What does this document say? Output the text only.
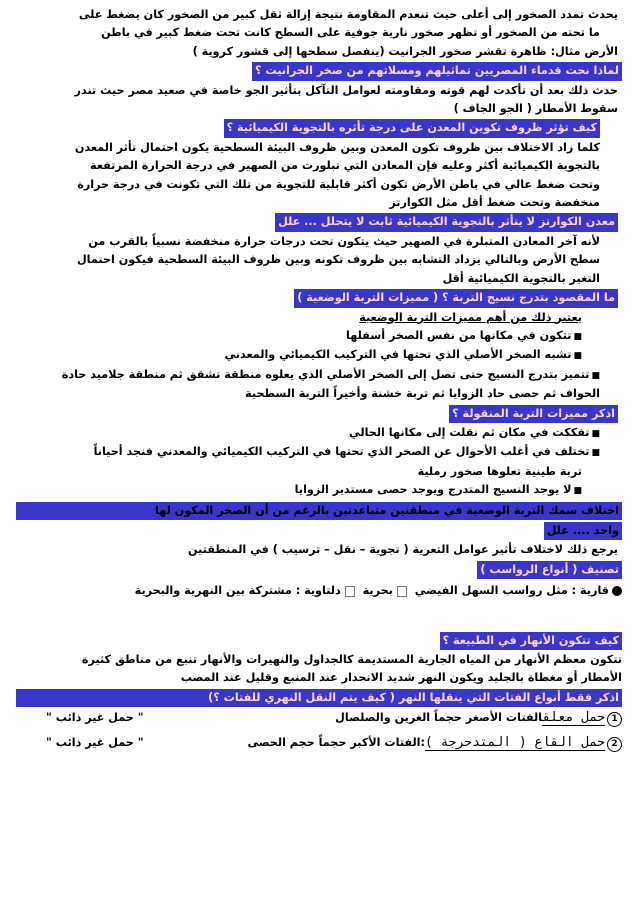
يحدث تمدد الصخور إلى أعلى حيث تنعدم المقاومة نتيجة إزالة ثقل كبير من الصخور كان يضغط على
ما تحته من الصخور أو تظهر صخور نارية جوفية على السطح كانت تحت ضغط كبير في باطن
الأرض مثال: ظاهرة تقشر صخور الجرانيت (ينفصل سطحها إلى قشور كروية )
لماذا نحت قدماء المصريين تماثيلهم ومسلاتهم من صخر الجرانيت ؟
حدث ذلك بعد أن تأكدت لهم قوته ومقاومته لعوامل التآكل بتأثير الجو خاصة في صعيد مصر حيث تندر
سقوط الأمطار ( الجو الجاف )
كيف تؤثر ظروف تكوين المعدن على درجة تأثره بالتجوية الكيميائية ؟
كلما زاد الاختلاف بين ظروف تكون المعدن وبين ظروف البيئة السطحية يكون احتمال تأثر المعدن
بالتجوية الكيميائية أكثر وعليه فإن المعادن التي تبلورت من الصهير في درجة الحرارة المرتفعة
وتحت ضغط عالي في باطن الأرض تكون أكثر قابلية للتجوية من تلك التي تكونت في درجة حرارة
منخفضة وتحت ضغط أقل مثل الكوارتز
معدن الكوارتز لا يتأثر بالتجوية الكيميائية ثابت لا يتحلل ... علل
لأنه آخر المعادن المتبلرة في الصهير حيث يتكون تحت درجات حرارة منخفضة نسبياً بالقرب من
سطح الأرض وبالتالي يزداد التشابه بين ظروف تكونه وبين ظروف البيئة السطحية فيكون احتمال
التغير بالتجوية الكيميائية أقل
ما المقصود بتدرج نسيج التربة ؟ ( مميزات التربة الوضعية )
يعتبر ذلك من أهم مميزات التربة الوضعية
■تتكون في مكانها من نفس الصخر أسفلها
■تشبه الصخر الأصلي الذي تحتها في التركيب الكيميائي والمعدني
■تتميز بتدرج النسيج حتى تصل إلى الصخر الأصلي الذي يعلوه منطقة تشقق ثم منطقة جلاميد حادة
الحواف ثم حصى حاد الزوايا ثم تربة خشنة وأخيراً التربة السطحية
اذكر مميزات التربة المنقولة ؟
■تفككت في مكان ثم نقلت إلى مكانها الحالي
■تختلف في أغلب الأحوال عن الصخر الذي تحتها في التركيب الكيميائي والمعدني فنجد أحياناً
تربة طينية تعلوها صخور رملية
■لا يوجد النسيج المتدرج ويوجد حصى مستدير الزوايا
اختلاف سمك التربة الوضعية في منطقتين متباعدتين بالرغم من أن الصخر المكون لها
واحد .... علل
يرجع ذلك لاختلاف تأثير عوامل التعرية ( تجوية – نقل – ترسيب ) في المنطقتين
تصنيف ( أنواع الرواسب )
قارية : مثل رواسب السهل الفيضي بحرية دلتاوية : مشتركة بين النهرية والبحرية
كيف تتكون الأنهار في الطبيعة ؟
تتكون معظم الأنهار من المياه الجارية المستديمة كالجداول والنهيرات والأنهار تنبع من مناطق كثيرة
الأمطار أو مغطاة بالجليد ويكون النهر شديد الانحدار عند المنبع وقليل عند المصب
اذكر فقط أنواع الفتات التي ينقلها النهر ( كيف يتم النقل النهري للفتات ؟)
1حمل معلقالفتات الأصغر حجماً الغرين والصلصال
" حمل غير ذائب "
2حمل القاع ( المتدحرجة ):الفتات الأكبر حجماً حجم الحصى
" حمل غير ذائب "
